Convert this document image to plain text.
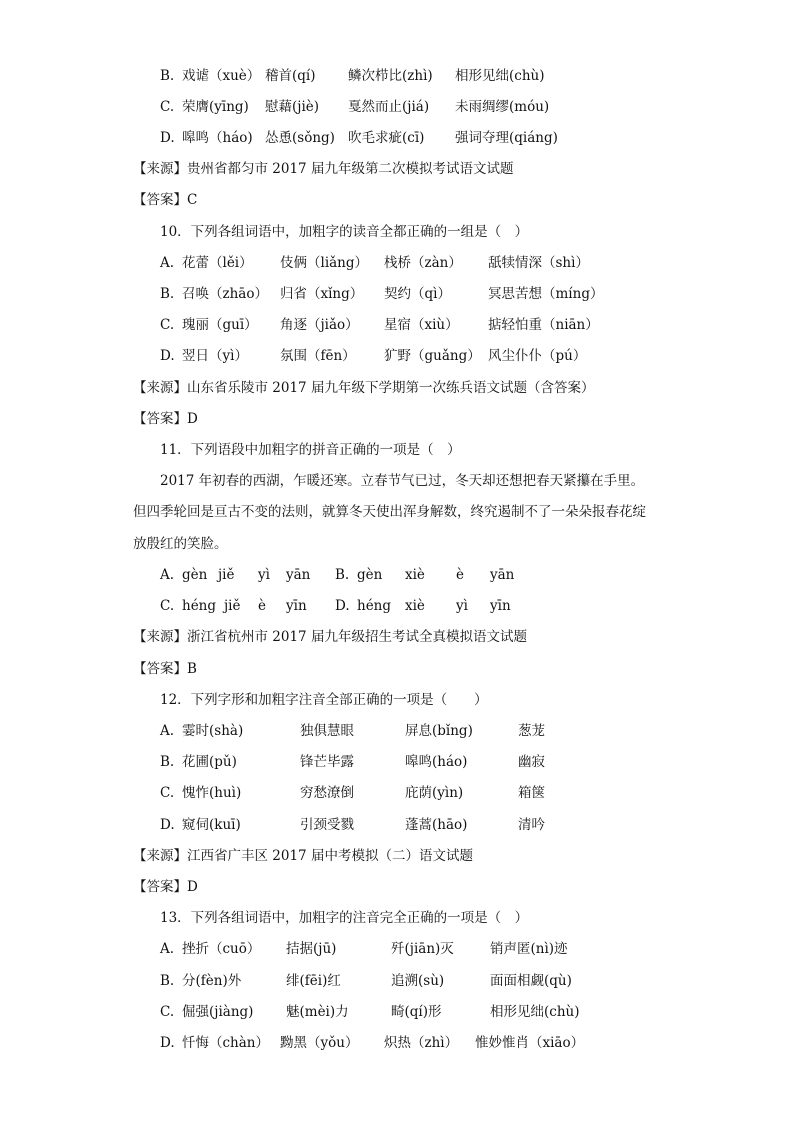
B. 戏谑（xuè） 稽首(qí) 鳞次栉比(zhì) 相形见绌(chù)
C. 荣膺(yīng) 慰藉(jiè) 戛然而止(jiá) 未雨绸缪(móu)
D. 嗥鸣（háo) 怂恿(sǒng) 吹毛求疵(cī) 强词夺理(qiáng)
【来源】贵州省都匀市 2017 届九年级第二次模拟考试语文试题
【答案】C
10．下列各组词语中，加粗字的读音全都正确的一组是（　）
A. 花蕾（lěi） 伎俩（liǎng） 栈桥（zàn） 舐犊情深（shì）
B. 召唤（zhāo） 归省（xǐng） 契约（qì）	冥思苦想（míng）
C. 瑰丽（guī） 角逐（jiǎo） 星宿（xiù） 掂轻怕重（niān）
D. 翌日（yì） 氛围（fēn） 犷野（guǎng） 风尘仆仆（pú）
【来源】山东省乐陵市 2017 届九年级下学期第一次练兵语文试题（含答案）
【答案】D
11．下列语段中加粗字的拼音正确的一项是（　）
2017 年初春的西湖，乍暖还寒。立春节气已过，冬天却还想把春天紧攥在手里。
但四季轮回是亘古不变的法则，就算冬天使出浑身解数，终究遏制不了一朵朵报春花绽
放殷红的笑脸。
A. gèn jiě yì yān B. gèn xiè è yān
C. héng jiě è yīn D. héng xiè yì yīn
【来源】浙江省杭州市 2017 届九年级招生考试全真模拟语文试题
【答案】B
12．下列字形和加粗字注音全部正确的一项是（　　）
A. 霎时(shà)	独俱慧眼	屏息(bǐng)	葱茏
B. 花圃(pǔ)	锋芒毕露	嗥鸣(háo)	幽寂
C. 愧怍(huì)	穷愁潦倒	庇荫(yìn)	箱箧
D. 窥伺(kuī)	引颈受戮	蓬蒿(hāo)	清吟
【来源】江西省广丰区 2017 届中考模拟（二）语文试题
【答案】D
13．下列各组词语中，加粗字的注音完全正确的一项是（　）
A. 挫折（cuō） 拮据(jū)	歼(jiān)灭	销声匿(nì)迹
B. 分(fèn)外	绯(fēi)红	追溯(sù)	面面相觑(qù)
C. 倔强(jiàng) 魅(mèi)力	畸(qí)形	相形见绌(chù)
D. 忏悔（chàn） 黝黑（yǒu） 炽热（zhì） 惟妙惟肖（xiāo）
